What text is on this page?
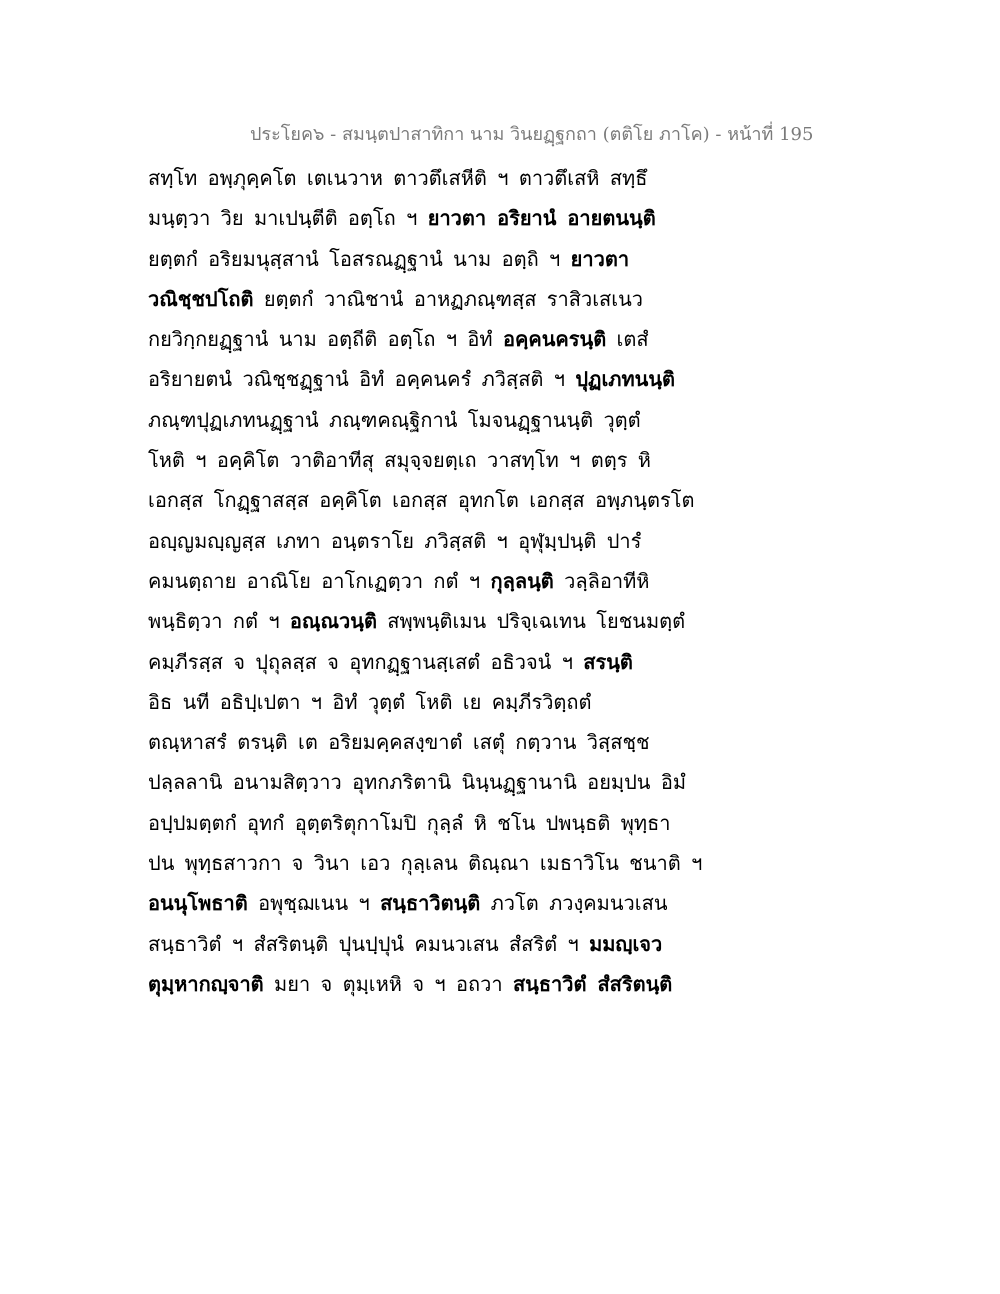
ประโยค๖ - สมนฺตปาสาทิกา นาม วินยฏฺฐกถา (ตติโย ภาโค) - หน้าที่ 195
สทฺโท อพฺภุคฺคโต เตเนวาห ตาวตึเสหีติ ฯ ตาวตึเสหิ สทฺธึ
มนฺตฺวา วิย มาเปนฺตีติ อตฺโถ ฯ ยาวตา อริยานํ อายตนนฺติ
ยตฺตกํ อริยมนุสฺสานํ โอสรณฏฺฐานํ นาม อตฺถิ ฯ ยาวตา
วณิชฺชปโถติ ยตฺตกํ วาณิชานํ อาหฏภณฺฑสฺส ราสิวเสเนว
กยวิกฺกยฏฺฐานํ นาม อตฺถีติ อตฺโถ ฯ อิทํ อคฺคนครนฺติ เตสํ
อริยายตนํ วณิชฺชฏฺฐานํ อิทํ อคฺคนครํ ภวิสฺสติ ฯ ปุฏเภทนนฺติ
ภณฺฑปุฏเภทนฏฺฐานํ ภณฺฑคณฺฐิกานํ โมจนฏฺฐานนฺติ วุตฺตํ
โหติ ฯ อคฺคิโต วาติอาทีสุ สมุจฺจยตฺเถ วาสทฺโท ฯ ตตฺร หิ
เอกสฺส โกฏฺฐาสสฺส อคฺคิโต เอกสฺส อุทกโต เอกสฺส อพฺภนฺตรโต
อญฺญมญฺญสฺส เภทา อนฺตราโย ภวิสฺสติ ฯ อุฬุมฺปนฺติ ปารํ
คมนตฺถาย อาณิโย อาโกเฏตฺวา กตํ ฯ กุลฺลนฺติ วลฺลิอาทีหิ
พนฺธิตฺวา กตํ ฯ อณฺณวนฺติ สพฺพนฺติเมน ปริจฺเฉเทน โยชนมตฺตํ
คมฺภีรสฺส จ ปุถุลสฺส จ อุทกฏฺฐานสฺเสตํ อธิวจนํ ฯ สรนฺติ
อิธ นที อธิปฺเปตา ฯ อิทํ วุตฺตํ โหติ เย คมฺภีรวิตฺถตํ
ตณฺหาสรํ ตรนฺติ เต อริยมคฺคสงฺขาตํ เสตุํ กตฺวาน วิสฺสชฺช
ปลฺลลานิ อนามสิตฺวาว อุทกภริตานิ นินฺนฏฺฐานานิ อยมฺปน อิมํ
อปฺปมตฺตกํ อุทกํ อุตฺตริตุกาโมปิ กุลฺลํ หิ ชโน ปพนฺธติ พุทฺธา
ปน พุทฺธสาวกา จ วินา เอว กุลฺเลน ติณฺณา เมธาวิโน ชนาติ ฯ
อนนุโพธาติ อพุชฺฌเนน ฯ สนฺธาวิตนฺติ ภวโต ภวงฺคมนวเสน
สนฺธาวิตํ ฯ สํสริตนฺติ ปุนปฺปุนํ คมนวเสน สํสริตํ ฯ มมญฺเจว
ตุมฺหากญฺจาติ มยา จ ตุมฺเหหิ จ ฯ อถวา สนฺธาวิตํ สํสริตนฺติ
